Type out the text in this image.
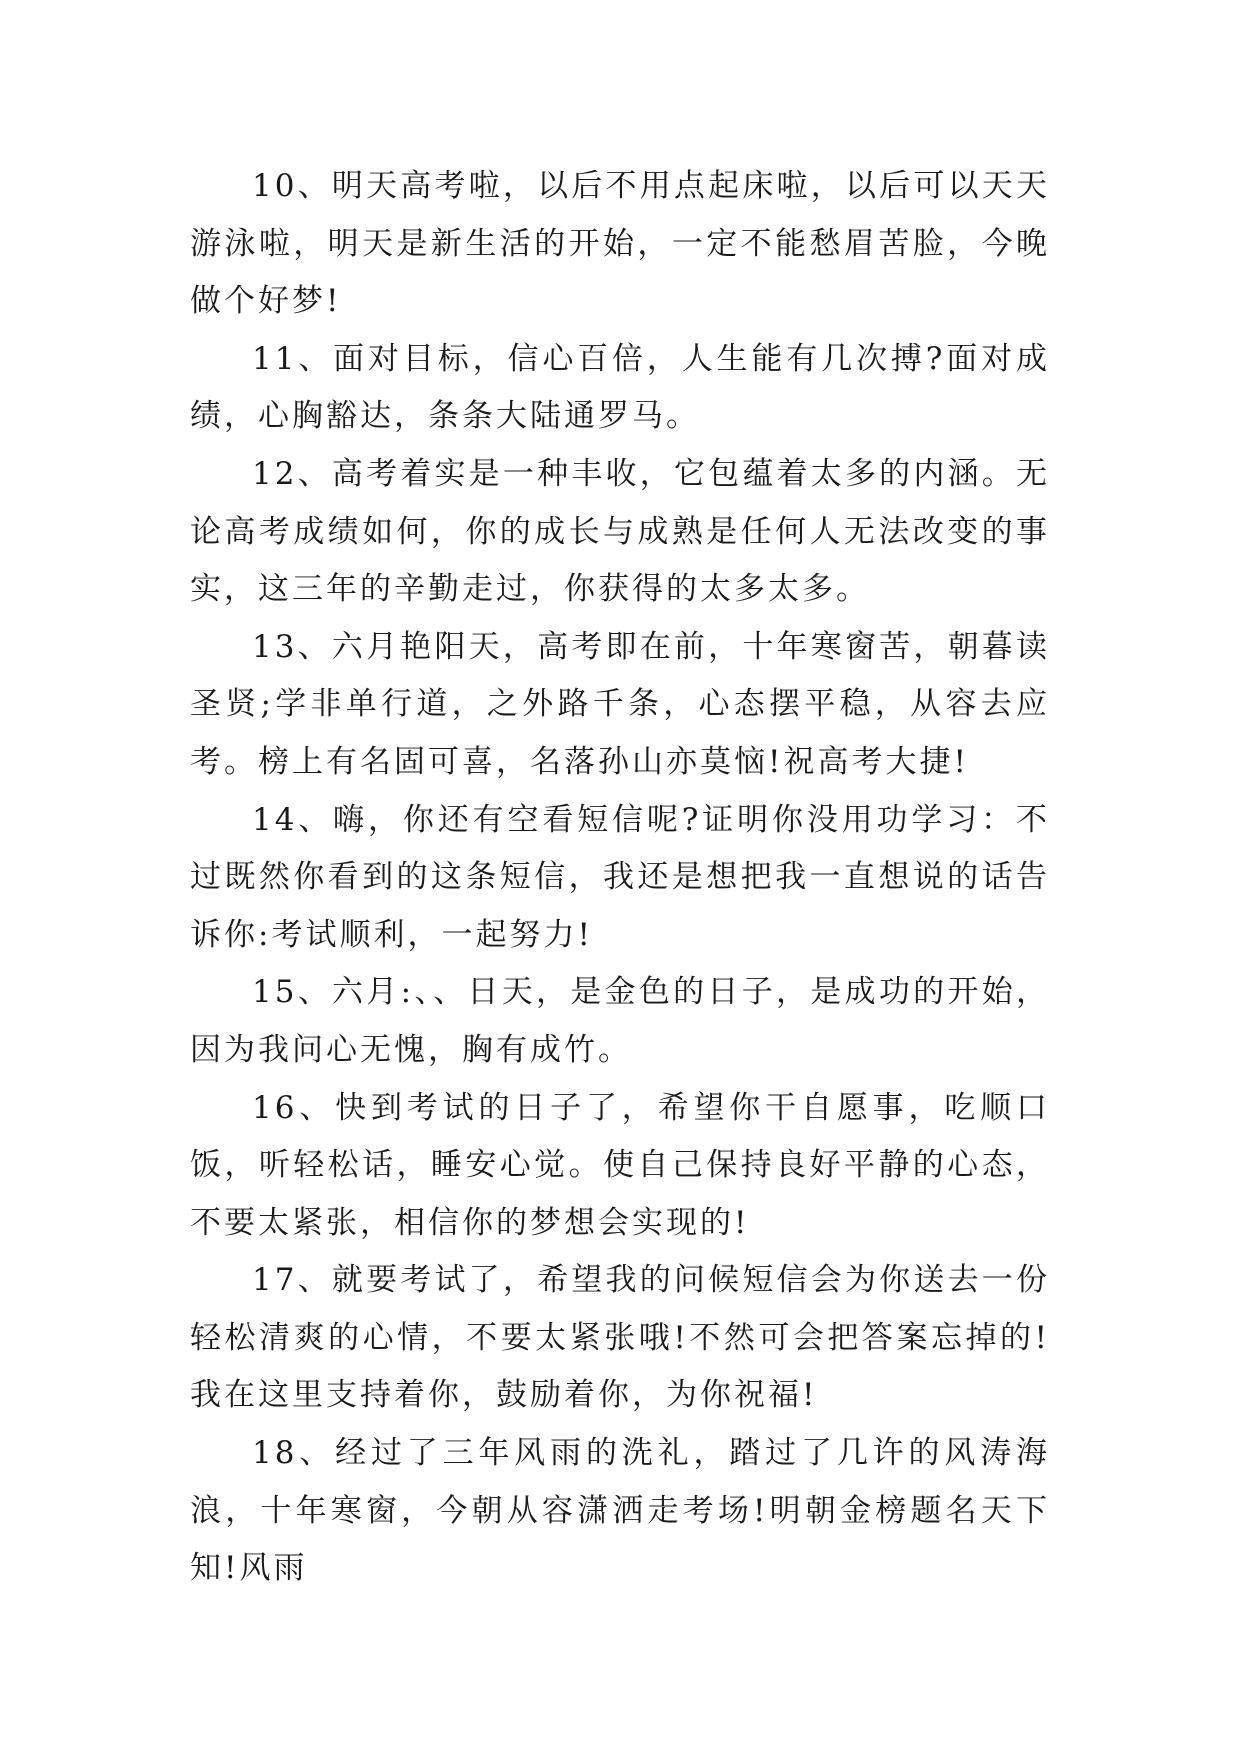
10、明天高考啦，以后不用点起床啦，以后可以天天游泳啦，明天是新生活的开始，一定不能愁眉苦脸，今晚做个好梦!

11、面对目标，信心百倍，人生能有几次搏?面对成绩，心胸豁达，条条大陆通罗马。

12、高考着实是一种丰收，它包蕴着太多的内涵。无论高考成绩如何，你的成长与成熟是任何人无法改变的事实，这三年的辛勤走过，你获得的太多太多。

13、六月艳阳天，高考即在前，十年寒窗苦，朝暮读圣贤;学非单行道，之外路千条，心态摆平稳，从容去应考。榜上有名固可喜，名落孙山亦莫恼!祝高考大捷!

14、嗨，你还有空看短信呢?证明你没用功学习：不过既然你看到的这条短信，我还是想把我一直想说的话告诉你:考试顺利，一起努力!

15、六月:、、日天，是金色的日子，是成功的开始，因为我问心无愧，胸有成竹。

16、快到考试的日子了，希望你干自愿事，吃顺口饭，听轻松话，睡安心觉。使自己保持良好平静的心态，不要太紧张，相信你的梦想会实现的!

17、就要考试了，希望我的问候短信会为你送去一份轻松清爽的心情，不要太紧张哦!不然可会把答案忘掉的!我在这里支持着你，鼓励着你，为你祝福!

18、经过了三年风雨的洗礼，踏过了几许的风涛海浪，十年寒窗，今朝从容潇洒走考场!明朝金榜题名天下知!风雨
